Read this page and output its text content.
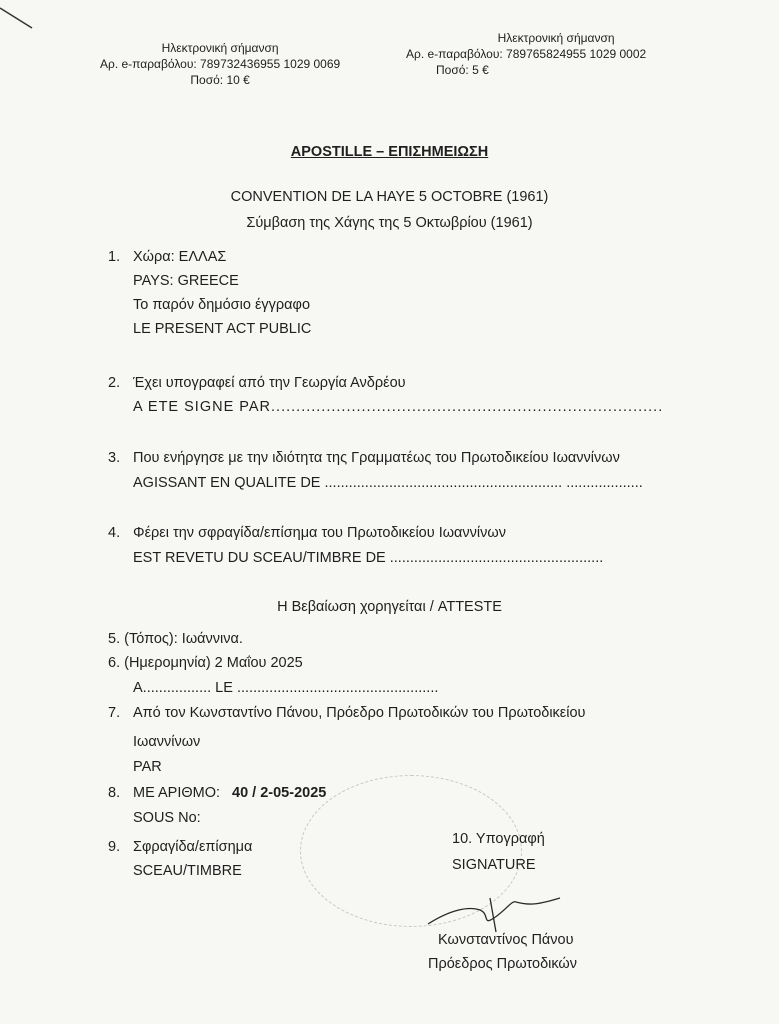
Ηλεκτρονική σήμανση
Αρ. e-παραβόλου: 789732436955 1029 0069
Ποσό: 10 €
Ηλεκτρονική σήμανση
Αρ. e-παραβόλου: 789765824955 1029 0002
Ποσό: 5 €
APOSTILLE – ΕΠΙΣΗΜΕΙΩΣΗ
CONVENTION DE LA HAYE 5 OCTOBRE (1961)
Σύμβαση της Χάγης της 5 Οκτωβρίου (1961)
1. Χώρα: ΕΛΛΑΣ
PAYS: GREECE
Το παρόν δημόσιο έγγραφο
LE PRESENT ACT PUBLIC
2. Έχει υπογραφεί από την Γεωργία Ανδρέου
A ETE SIGNE PAR..............................................................................
3. Που ενήργησε με την ιδιότητα της Γραμματέως του Πρωτοδικείου Ιωαννίνων
AGISSANT EN QUALITE DE ........................................................... ...................
4. Φέρει την σφραγίδα/επίσημα του Πρωτοδικείου Ιωαννίνων
EST REVETU DU SCEAU/TIMBRE DE .....................................................
Η Βεβαίωση χορηγείται / ATTESTE
5. (Τόπος): Ιωάννινα.
6. (Ημερομηνία) 2 Μαΐου 2025
A................. LE ..................................................
7. Από τον Κωνσταντίνο Πάνου, Πρόεδρο Πρωτοδικών του Πρωτοδικείου
Ιωαννίνων
PAR
8. ΜΕ ΑΡΙΘΜΟ: 40 / 2-05-2025
SOUS No:
9. Σφραγίδα/επίσημα
SCEAU/TIMBRE
10. Υπογραφή
SIGNATURE
Κωνσταντίνος Πάνου
Πρόεδρος Πρωτοδικών
